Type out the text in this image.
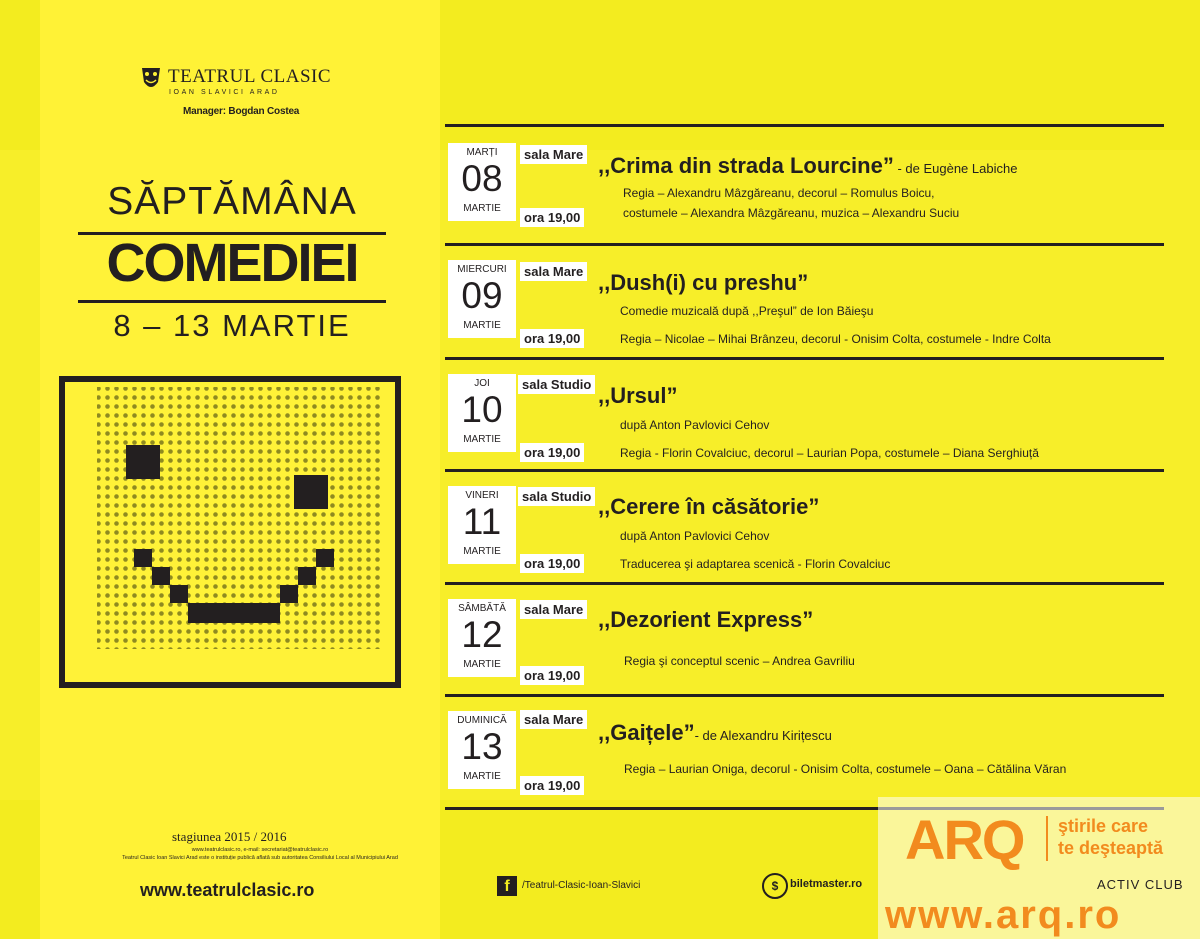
TEATRUL CLASIC
IOAN SLAVICI ARAD
Manager: Bogdan Costea
SĂPTĂMÂNA
COMEDIEI
8 – 13 MARTIE
stagiunea 2015 / 2016
www.teatrulclasic.ro, e-mail: secretariat@teatrulclasic.ro
Teatrul Clasic Ioan Slavici Arad este o instituție publică aflată sub autoritatea Consiliului Local al Municipiului Arad
www.teatrulclasic.ro
MARȚI
08
MARTIE
sala Mare
ora 19,00
,,Crima din strada Lourcine” - de Eugène Labiche
Regia – Alexandru Mâzgăreanu, decorul – Romulus Boicu,
costumele – Alexandra Mâzgăreanu, muzica – Alexandru Suciu
MIERCURI
09
MARTIE
sala Mare
ora 19,00
,,Dush(i) cu preshu”
Comedie muzicală după ,,Preşul” de Ion Băieşu
Regia – Nicolae – Mihai Brânzeu, decorul - Onisim Colta, costumele - Indre Colta
JOI
10
MARTIE
sala Studio
ora 19,00
,,Ursul”
după Anton Pavlovici Cehov
Regia - Florin Covalciuc, decorul – Laurian Popa, costumele – Diana Serghiuță
VINERI
11
MARTIE
sala Studio
ora 19,00
,,Cerere în căsătorie”
după Anton Pavlovici Cehov
Traducerea şi adaptarea scenică - Florin Covalciuc
SÂMBĂTĂ
12
MARTIE
sala Mare
ora 19,00
,,Dezorient Express”
Regia şi conceptul scenic – Andrea Gavriliu
DUMINICĂ
13
MARTIE
sala Mare
ora 19,00
,,Gaițele”- de Alexandru Kirițescu
Regia – Laurian Oniga, decorul - Onisim Colta, costumele – Oana – Cătălina Văran
f	/Teatrul-Clasic-Ioan-Slavici	$	biletmaster.ro
ARQ ştirile care
te deşteaptă
ACTIV CLUB
www.arq.ro
